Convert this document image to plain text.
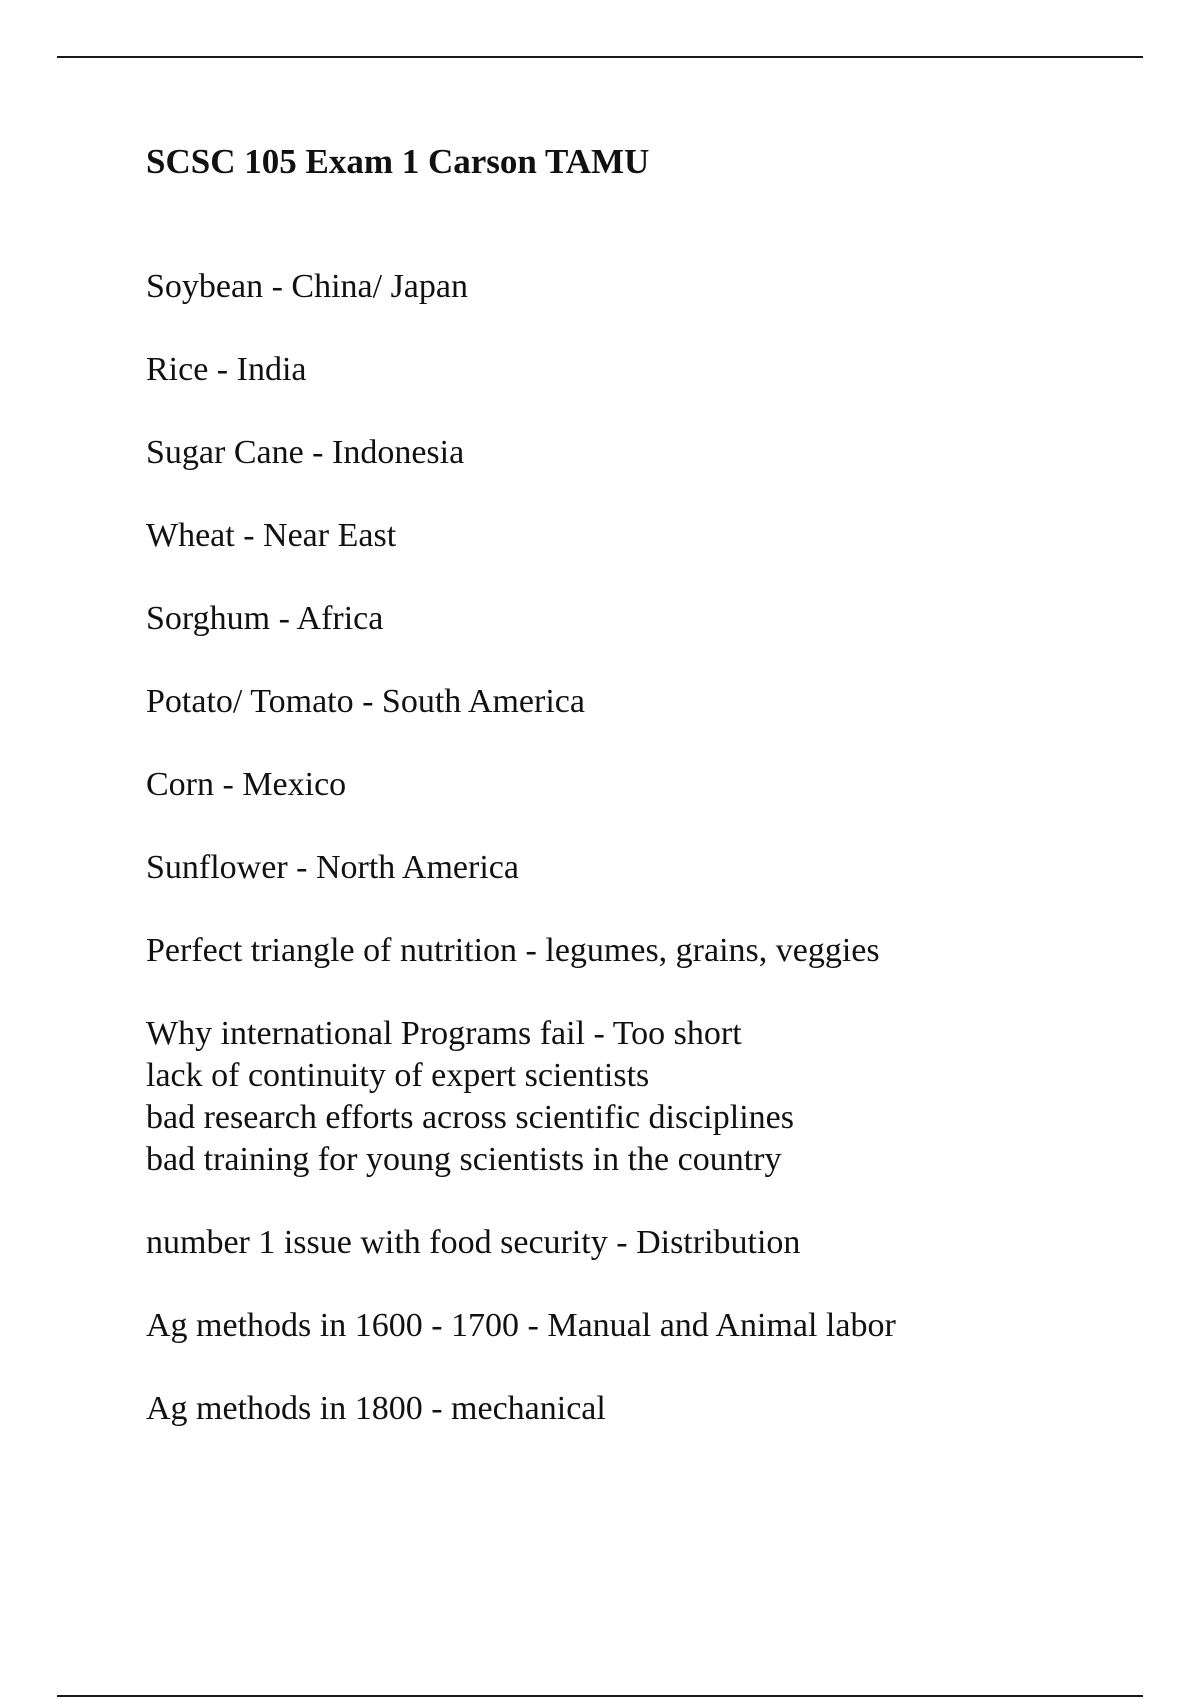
SCSC 105 Exam 1 Carson TAMU
Soybean - China/ Japan
Rice - India
Sugar Cane - Indonesia
Wheat - Near East
Sorghum - Africa
Potato/ Tomato - South America
Corn - Mexico
Sunflower - North America
Perfect triangle of nutrition - legumes, grains, veggies
Why international Programs fail - Too short
lack of continuity of expert scientists
bad research efforts across scientific disciplines
bad training for young scientists in the country
number 1 issue with food security - Distribution
Ag methods in 1600 - 1700 - Manual and Animal labor
Ag methods in 1800 - mechanical
